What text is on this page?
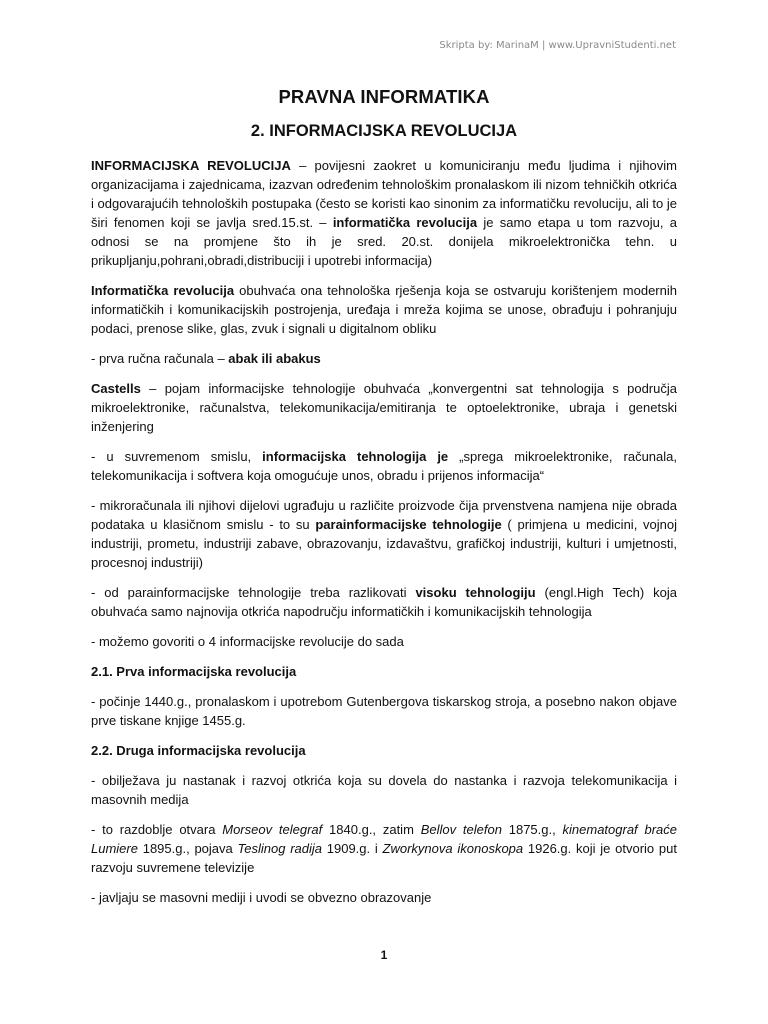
Skripta by: MarinaM | www.UpravniStudenti.net
PRAVNA INFORMATIKA
2. INFORMACIJSKA REVOLUCIJA

INFORMACIJSKA REVOLUCIJA – povijesni zaokret u komuniciranju među ljudima i njihovim organizacijama i zajednicama, izazvan određenim tehnološkim pronalaskom ili nizom tehničkih otkrića i odgovarajućih tehnoloških postupaka (često se koristi kao sinonim za informatičku revoluciju, ali to je širi fenomen koji se javlja sred.15.st. – informatička revolucija je samo etapa u tom razvoju, a odnosi se na promjene što ih je sred. 20.st. donijela mikroelektronička tehn. u prikupljanju,pohrani,obradi,distribuciji i upotrebi informacija)

Informatička revolucija obuhvaća ona tehnološka rješenja koja se ostvaruju korištenjem modernih informatičkih i komunikacijskih postrojenja, uređaja i mreža kojima se unose, obrađuju i pohranjuju podaci, prenose slike, glas, zvuk i signali u digitalnom obliku

- prva ručna računala – abak ili abakus

Castells – pojam informacijske tehnologije obuhvaća „konvergentni sat tehnologija s područja mikroelektronike, računalstva, telekomunikacija/emitiranja te optoelektronike, ubraja i genetski inženjering

- u suvremenom smislu, informacijska tehnologija je „sprega mikroelektronike, računala, telekomunikacija i softvera koja omogućuje unos, obradu i prijenos informacija“

- mikroračunala ili njihovi dijelovi ugrađuju u različite proizvode čija prvenstvena namjena nije obrada podataka u klasičnom smislu - to su parainformacijske tehnologije ( primjena u medicini, vojnoj industriji, prometu, industriji zabave, obrazovanju, izdavaštvu, grafičkoj industriji, kulturi i umjetnosti, procesnoj industriji)

- od parainformacijske tehnologije treba razlikovati visoku tehnologiju (engl.High Tech) koja obuhvaća samo najnovija otkrića napodručju informatičkih i komunikacijskih tehnologija

- možemo govoriti o 4 informacijske revolucije do sada

2.1. Prva informacijska revolucija

- počinje 1440.g., pronalaskom i upotrebom Gutenbergova tiskarskog stroja, a posebno nakon objave prve tiskane knjige 1455.g.

2.2. Druga informacijska revolucija

- obilježava ju nastanak i razvoj otkrića koja su dovela do nastanka i razvoja telekomunikacija i masovnih medija

- to razdoblje otvara Morseov telegraf 1840.g., zatim Bellov telefon 1875.g., kinematograf braće Lumiere 1895.g., pojava Teslinog radija 1909.g. i Zworkynova ikonoskopa 1926.g. koji je otvorio put razvoju suvremene televizije

- javljaju se masovni mediji i uvodi se obvezno obrazovanje

1
